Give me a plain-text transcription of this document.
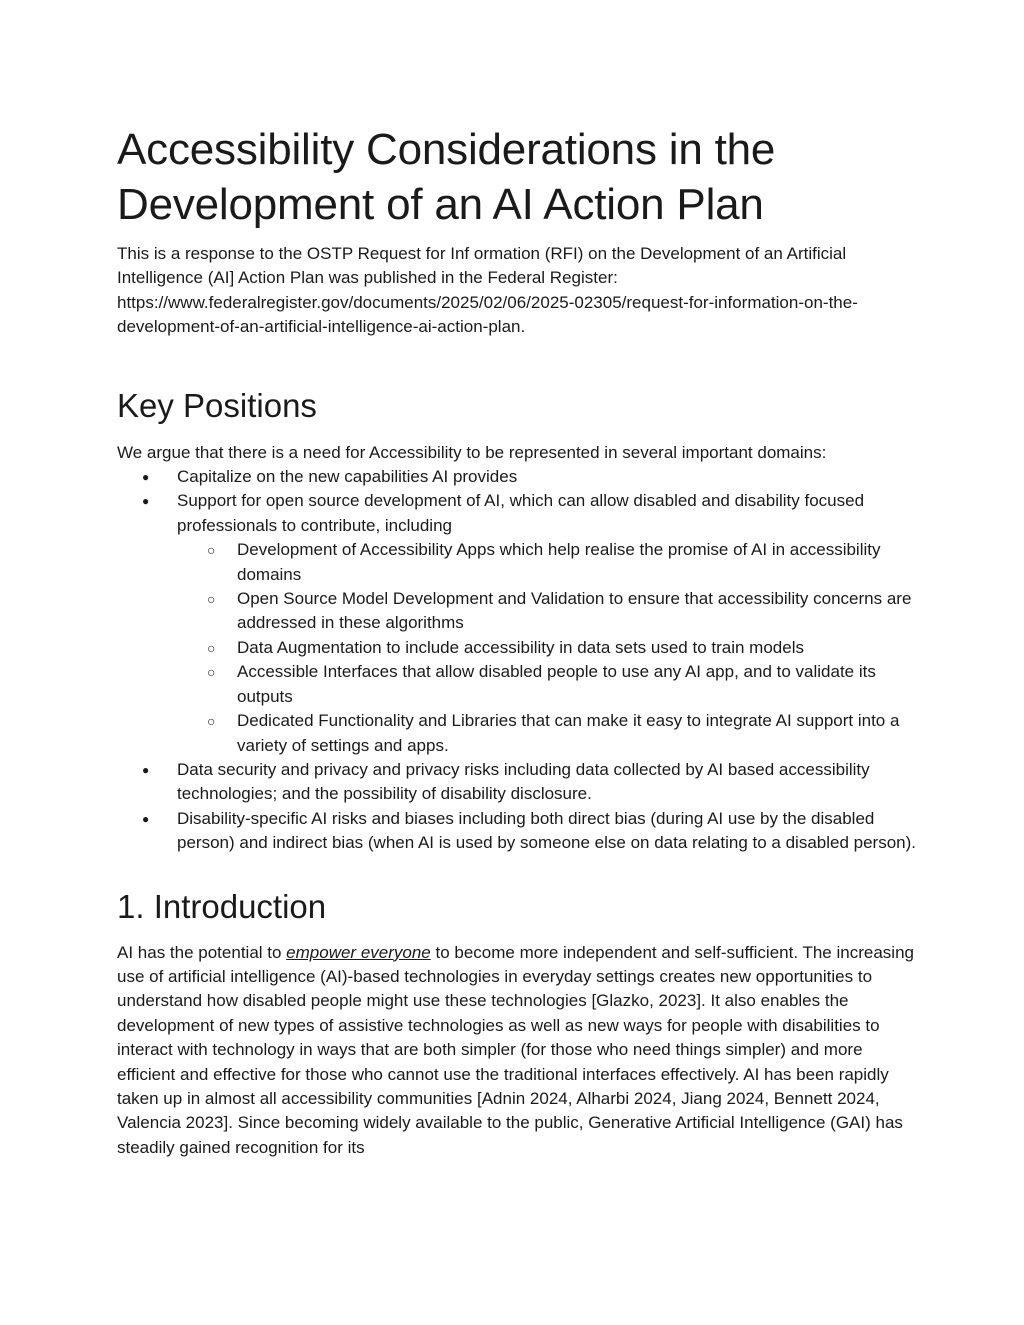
Accessibility Considerations in the Development of an AI Action Plan

This is a response to the OSTP Request for Inf ormation (RFI) on the Development of an Artificial Intelligence (AI] Action Plan was published in the Federal Register: https://www.federalregister.gov/documents/2025/02/06/2025-02305/request-for-information-on-the-development-of-an-artificial-intelligence-ai-action-plan.

Key Positions

We argue that there is a need for Accessibility to be represented in several important domains:

● Capitalize on the new capabilities AI provides
● Support for open source development of AI, which can allow disabled and disability focused professionals to contribute, including
○ Development of Accessibility Apps which help realise the promise of AI in accessibility domains
○ Open Source Model Development and Validation to ensure that accessibility concerns are addressed in these algorithms
○ Data Augmentation to include accessibility in data sets used to train models
○ Accessible Interfaces that allow disabled people to use any AI app, and to validate its outputs
○ Dedicated Functionality and Libraries that can make it easy to integrate AI support into a variety of settings and apps.
● Data security and privacy and privacy risks including data collected by AI based accessibility technologies; and the possibility of disability disclosure.
● Disability-specific AI risks and biases including both direct bias (during AI use by the disabled person) and indirect bias (when AI is used by someone else on data relating to a disabled person).
1. Introduction

AI has the potential to empower everyone to become more independent and self-sufficient. The increasing use of artificial intelligence (AI)-based technologies in everyday settings creates new opportunities to understand how disabled people might use these technologies [Glazko, 2023]. It also enables the development of new types of assistive technologies as well as new ways for people with disabilities to interact with technology in ways that are both simpler (for those who need things simpler) and more efficient and effective for those who cannot use the traditional interfaces effectively. AI has been rapidly taken up in almost all accessibility communities [Adnin 2024, Alharbi 2024, Jiang 2024, Bennett 2024, Valencia 2023]. Since becoming widely available to the public, Generative Artificial Intelligence (GAI) has steadily gained recognition for its
